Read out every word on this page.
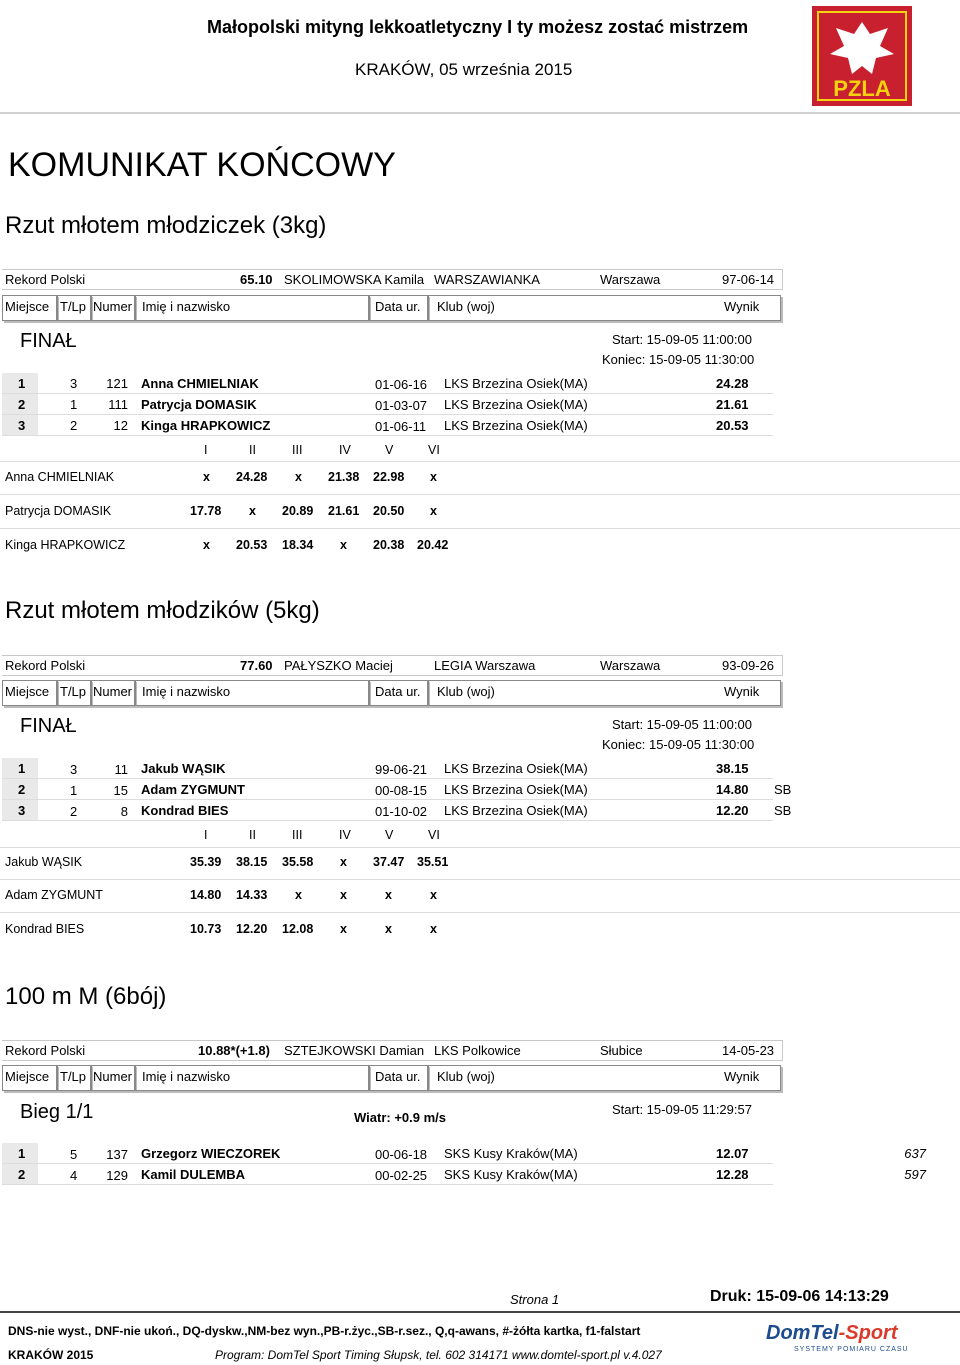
Małopolski mityng lekkoatletyczny I ty możesz zostać mistrzem
KRAKÓW, 05 września 2015
PZLA
KOMUNIKAT KOŃCOWY
Rzut młotem młodziczek (3kg)
Rekord Polski	65.10 SKOLIMOWSKA Kamila WARSZAWIANKA	Warszawa	97-06-14
Miejsce T/Lp Numer Imię i nazwisko	Data ur. Klub (woj)	Wynik
FINAŁ	Start: 15-09-05 11:00:00
Koniec: 15-09-05 11:30:00
1	3	121 Anna CHMIELNIAK	01-06-16 LKS Brzezina Osiek(MA)	24.28
2	1	111 Patrycja DOMASIK	01-03-07 LKS Brzezina Osiek(MA)	21.61
3	2	12 Kinga HRAPKOWICZ	01-06-11 LKS Brzezina Osiek(MA)	20.53
I	II	III	IV	V	VI
Anna CHMIELNIAK	x 24.28 x 21.38 22.98 x
Patrycja DOMASIK	17.78 x 20.89 21.61 20.50 x
Kinga HRAPKOWICZ	x 20.53 18.34 x 20.38 20.42
Rzut młotem młodzików (5kg)
Rekord Polski	77.60 PAŁYSZKO Maciej	LEGIA Warszawa	Warszawa	93-09-26
Miejsce T/Lp Numer Imię i nazwisko	Data ur. Klub (woj)	Wynik
FINAŁ	Start: 15-09-05 11:00:00
Koniec: 15-09-05 11:30:00
1	3	11 Jakub WĄSIK	99-06-21 LKS Brzezina Osiek(MA)	38.15
2	1	15 Adam ZYGMUNT	00-08-15 LKS Brzezina Osiek(MA)	14.80 SB
3	2	8 Kondrad BIES	01-10-02 LKS Brzezina Osiek(MA)	12.20 SB
I	II	III	IV	V	VI
Jakub WĄSIK	35.39 38.15 35.58 x 37.47 35.51
Adam ZYGMUNT	14.80 14.33 x	x	x	x
Kondrad BIES	10.73 12.20 12.08 x	x	x
100 m M (6bój)
Rekord Polski	10.88*(+1.8) SZTEJKOWSKI Damian LKS Polkowice	Słubice	14-05-23
Miejsce T/Lp Numer Imię i nazwisko	Data ur. Klub (woj)	Wynik
Bieg 1/1	Wiatr: +0.9 m/s
Start: 15-09-05 11:29:57
1	5	137 Grzegorz WIECZOREK	00-06-18 SKS Kusy Kraków(MA)	12.07	637
2	4	129 Kamil DULEMBA	00-02-25 SKS Kusy Kraków(MA)	12.28	597
Strona 1	Druk: 15-09-06 14:13:29
DNS-nie wyst., DNF-nie ukoń., DQ-dyskw.,NM-bez wyn.,PB-r.życ.,SB-r.sez., Q,q-awans, #-żółta kartka, f1-falstart
KRAKÓW 2015	Program: DomTel Sport Timing Słupsk, tel. 602 314171 www.domtel-sport.pl v.4.027
DomTel-Sport
SYSTEMY POMIARU CZASU
